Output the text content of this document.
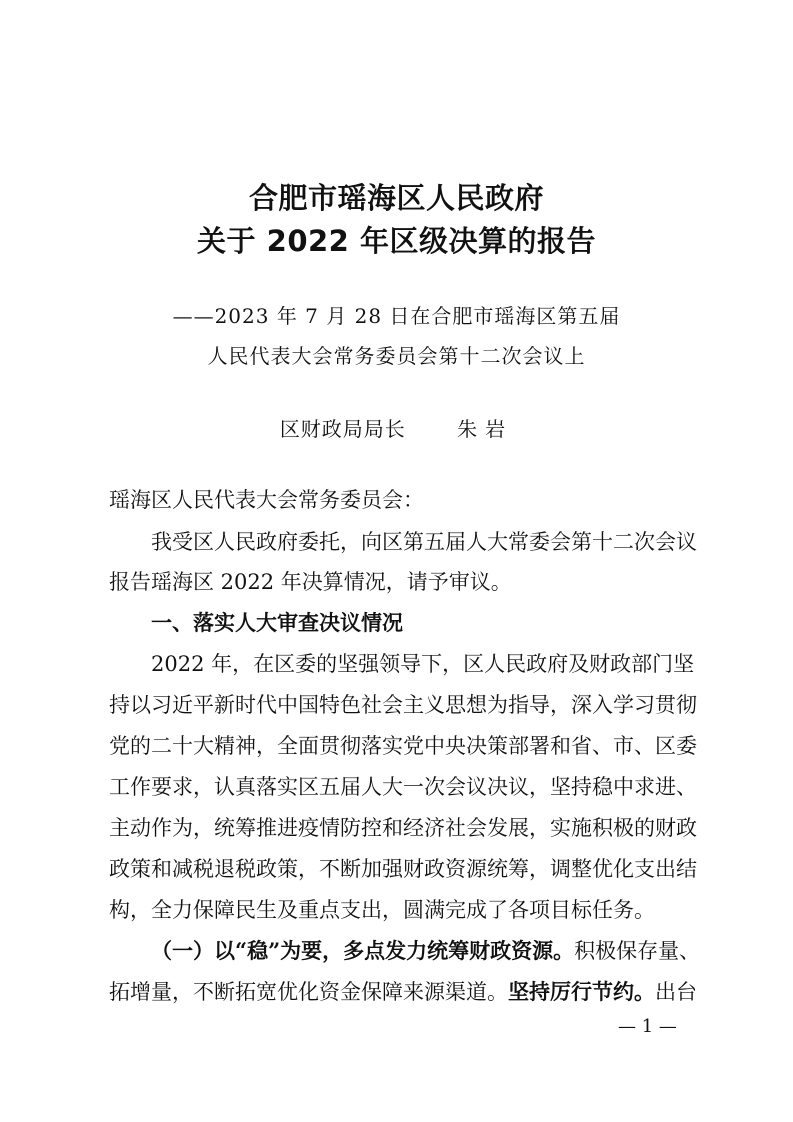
合肥市瑶海区人民政府
关于 2022 年区级决算的报告
——2023 年 7 月 28 日在合肥市瑶海区第五届
人民代表大会常务委员会第十二次会议上
区财政局局长	朱岩
瑶海区人民代表大会常务委员会：
我受区人民政府委托，向区第五届人大常委会第十二次会议
报告瑶海区 2022 年决算情况，请予审议。
一、落实人大审查决议情况
2022 年，在区委的坚强领导下，区人民政府及财政部门坚
持以习近平新时代中国特色社会主义思想为指导，深入学习贯彻
党的二十大精神，全面贯彻落实党中央决策部署和省、市、区委
工作要求，认真落实区五届人大一次会议决议，坚持稳中求进、
主动作为，统筹推进疫情防控和经济社会发展，实施积极的财政
政策和减税退税政策，不断加强财政资源统筹，调整优化支出结
构，全力保障民生及重点支出，圆满完成了各项目标任务。
（一）以“稳”为要，多点发力统筹财政资源。积极保存量、
拓增量，不断拓宽优化资金保障来源渠道。坚持厉行节约。出台
— 1 —
